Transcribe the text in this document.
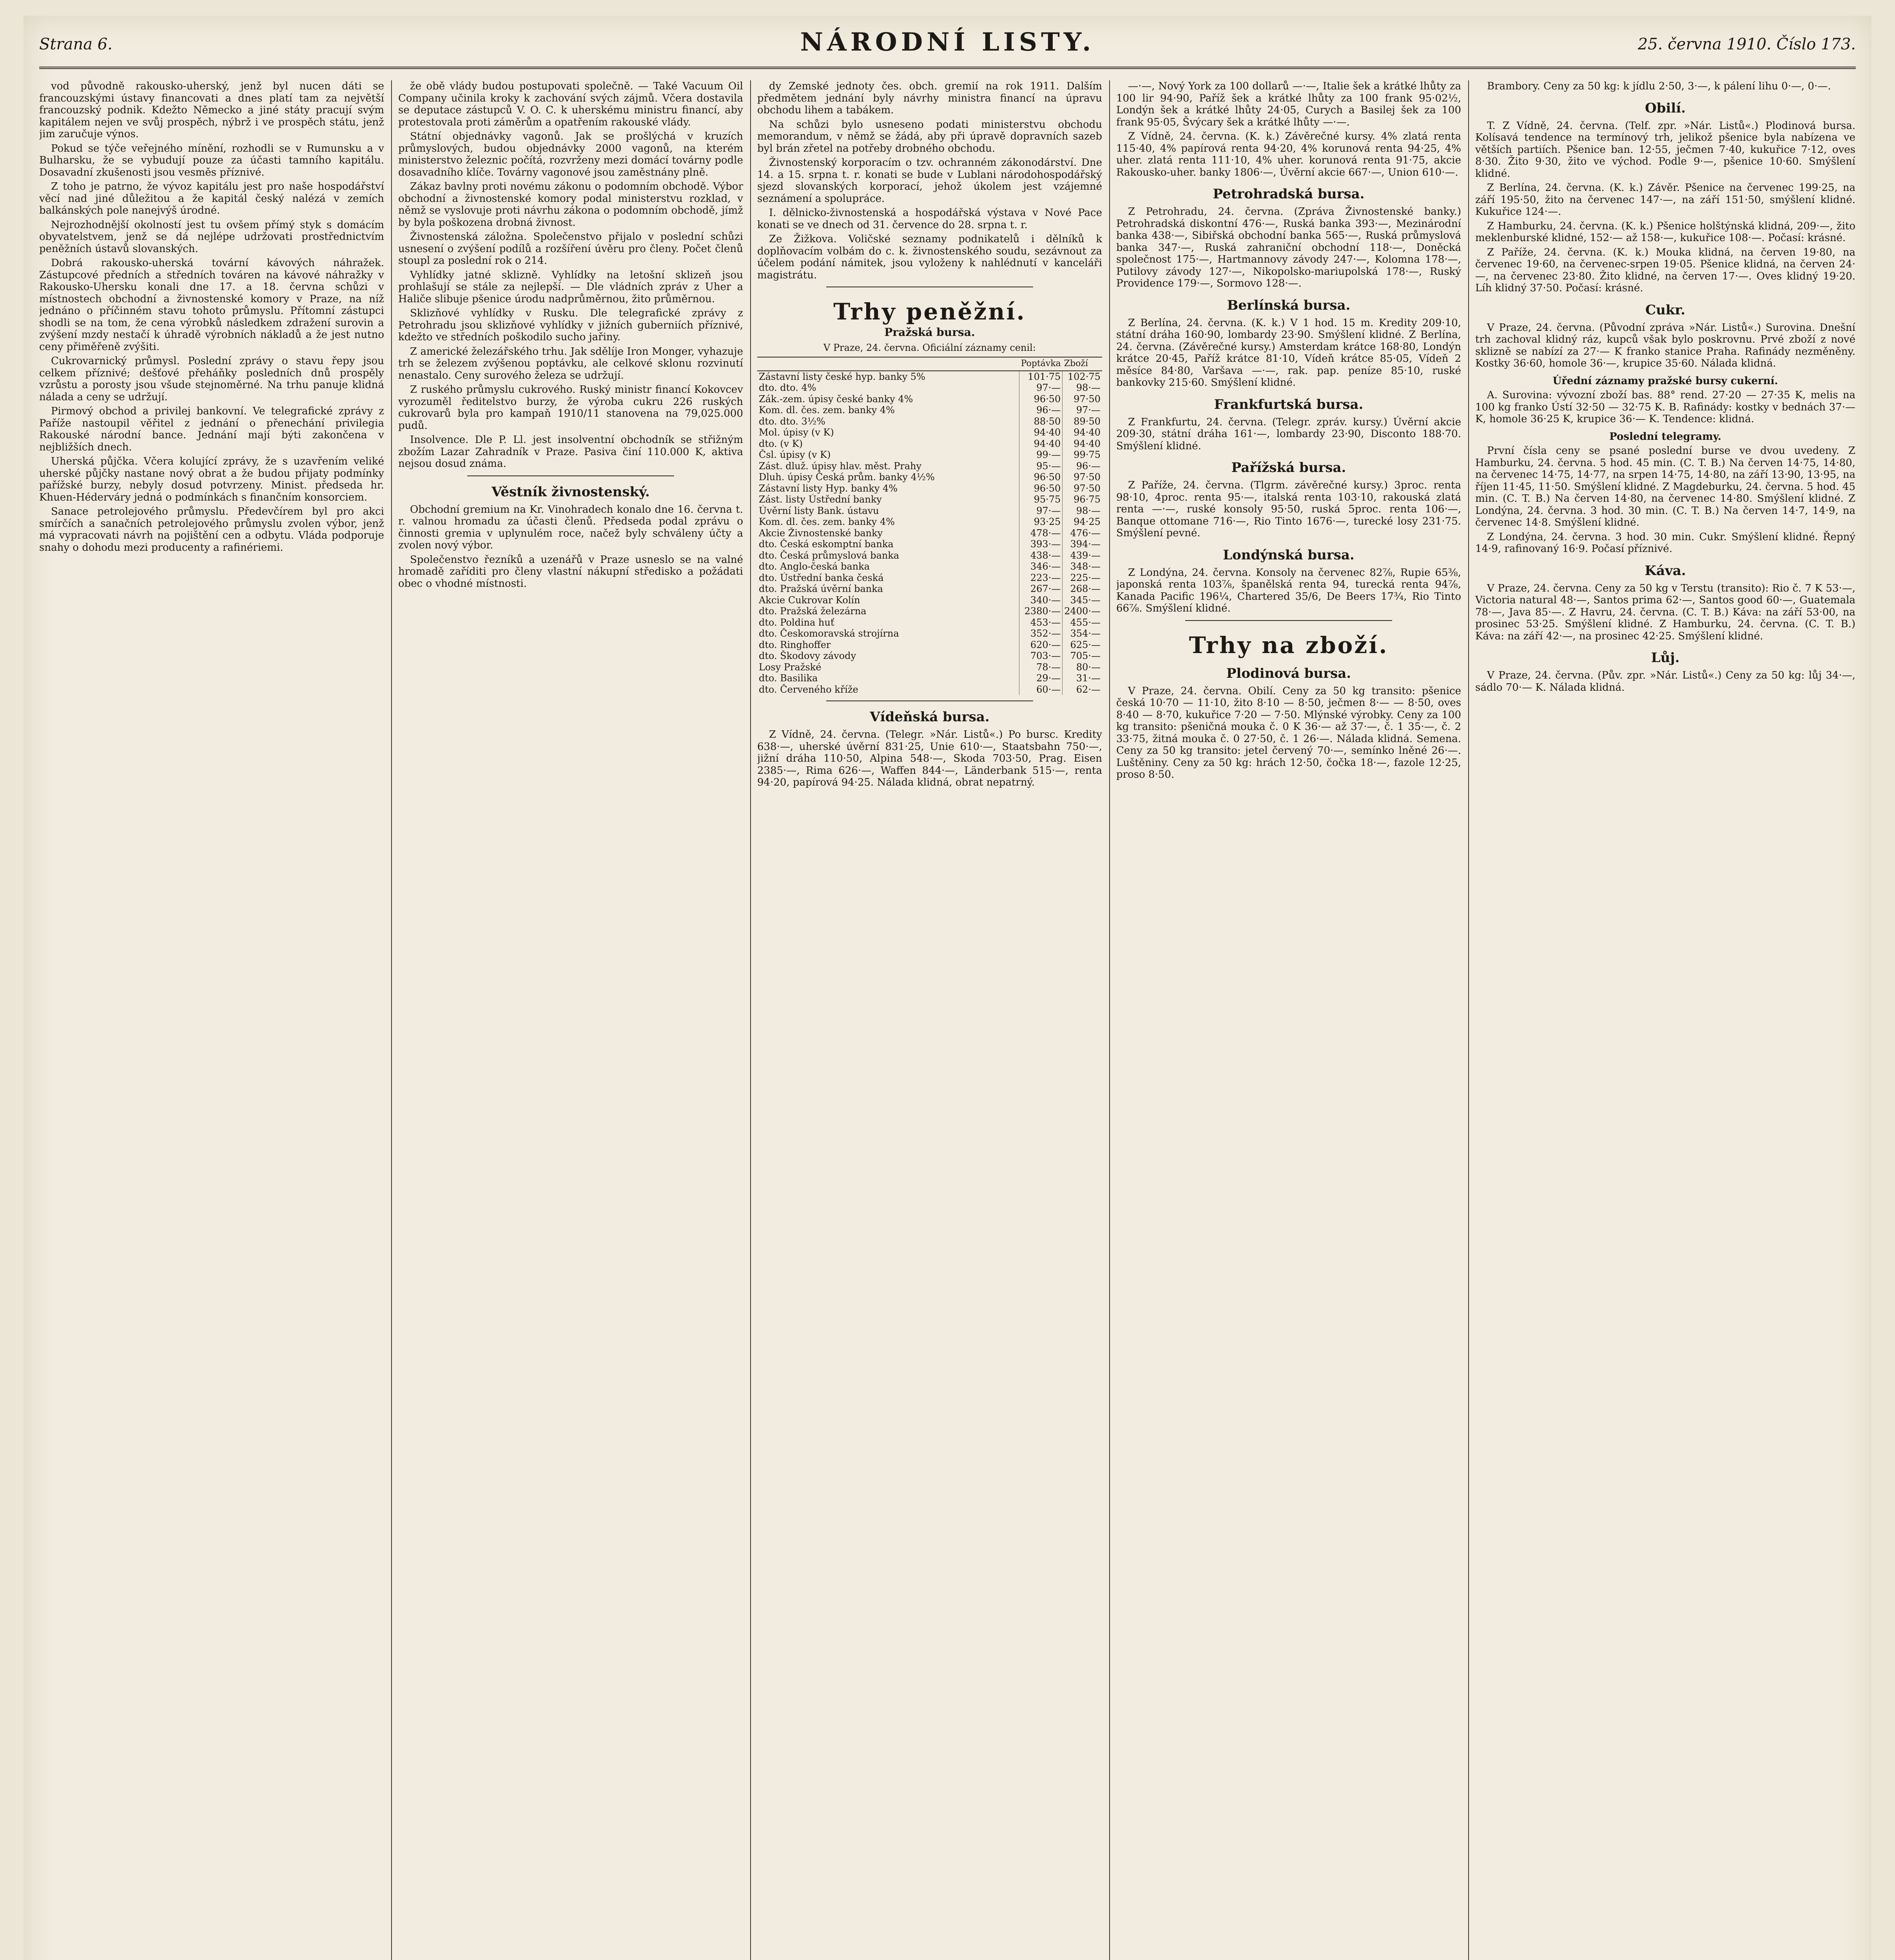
Strana 6.	NÁRODNÍ LISTY.	25. června 1910. Číslo 173.

vod původně rakousko-uherský, jenž byl nucen dáti se francouzskými ústavy financovati a dnes platí tam za největší francouzský podnik. Kdežto Německo a jiné státy pracují svým kapitálem nejen ve svůj prospěch, nýbrž i ve prospěch státu, jenž jim zaručuje výnos.

Pokud se týče veřejného mínění, rozhodli se v Rumunsku a v Bulharsku, že se vybudují pouze za účasti tamního kapitálu. Dosavadní zkušenosti jsou vesměs příznivé.

Z toho je patrno, že vývoz kapitálu jest pro naše hospodářství věcí nad jiné důležitou a že kapitál český nalézá v zemích balkánských pole nanejvýš úrodné.

Nejrozhodnější okolností jest tu ovšem přímý styk s domácím obyvatelstvem, jenž se dá nejlépe udržovati prostřednictvím peněžních ústavů slovanských.

Dobrá rakousko-uherská tovární kávových náhražek. Zástupcové předních a středních továren na kávové náhražky v Rakousko-Uhersku konali dne 17. a 18. června schůzi v místnostech obchodní a živnostenské komory v Praze, na níž jednáno o příčinném stavu tohoto průmyslu. Přítomní zástupci shodli se na tom, že cena výrobků následkem zdražení surovin a zvýšení mzdy nestačí k úhradě výrobních nákladů a že jest nutno ceny přiměřeně zvýšiti.

Cukrovarnický průmysl. Poslední zprávy o stavu řepy jsou celkem příznivé; dešťové přeháňky posledních dnů prospěly vzrůstu a porosty jsou všude stejnoměrné. Na trhu panuje klidná nálada a ceny se udržují.

Pirmový obchod a privilej bankovní. Ve telegrafické zprávy z Paříže nastoupil věřitel z jednání o přenechání privilegia Rakouské národní bance. Jednání mají býti zakončena v nejbližších dnech.

Uherská půjčka. Včera kolující zprávy, že s uzavřením veliké uherské půjčky nastane nový obrat a že budou přijaty podmínky pařížské burzy, nebyly dosud potvrzeny. Minist. předseda hr. Khuen-Héderváry jedná o podmínkách s finančním konsorciem.

Sanace petrolejového průmyslu. Předevčírem byl pro akci smírčích a sanačních petrolejového průmyslu zvolen výbor, jenž má vypracovati návrh na pojištění cen a odbytu. Vláda podporuje snahy o dohodu mezi producenty a rafinériemi.

že obě vlády budou postupovati společně. — Také Vacuum Oil Company učinila kroky k zachování svých zájmů. Včera dostavila se deputace zástupců V. O. C. k uherskému ministru financí, aby protestovala proti záměrům a opatřením rakouské vlády.

Státní objednávky vagonů. Jak se prošlýchá v kruzích průmyslových, budou objednávky 2000 vagonů, na kterém ministerstvo železnic počítá, rozvrženy mezi domácí továrny podle dosavadního klíče. Továrny vagonové jsou zaměstnány plně.

Zákaz bavlny proti novému zákonu o podomním obchodě. Výbor obchodní a živnostenské komory podal ministerstvu rozklad, v němž se vyslovuje proti návrhu zákona o podomním obchodě, jímž by byla poškozena drobná živnost.

Živnostenská záložna. Společenstvo přijalo v poslední schůzi usnesení o zvýšení podílů a rozšíření úvěru pro členy. Počet členů stoupl za poslední rok o 214.

Vyhlídky jatné sklizně. Vyhlídky na letošní sklizeň jsou prohlašují se stále za nejlepší. — Dle vládních zpráv z Uher a Haliče slibuje pšenice úrodu nadprůměrnou, žito průměrnou.

Sklizňové vyhlídky v Rusku. Dle telegrafické zprávy z Petrohradu jsou sklizňové vyhlídky v jižních guberniích příznivé, kdežto ve středních poškodilo sucho jařiny.

Z americké železářského trhu. Jak sdělíje Iron Monger, vyhazuje trh se železem zvýšenou poptávku, ale celkové sklonu rozvinutí nenastalo. Ceny surového železa se udržují.

Z ruského průmyslu cukrového. Ruský ministr financí Kokovcev vyrozuměl ředitelstvo burzy, že výroba cukru 226 ruských cukrovarů byla pro kampaň 1910/11 stanovena na 79,025.000 pudů.

Insolvence. Dle P. Ll. jest insolventní obchodník se střižným zbožím Lazar Zahradník v Praze. Pasiva činí 110.000 K, aktiva nejsou dosud známa.

Věstník živnostenský.

Obchodní gremium na Kr. Vinohradech konalo dne 16. června t. r. valnou hromadu za účasti členů. Předseda podal zprávu o činnosti gremia v uplynulém roce, načež byly schváleny účty a zvolen nový výbor.

Společenstvo řezníků a uzenářů v Praze usneslo se na valné hromadě zaříditi pro členy vlastní nákupní středisko a požádati obec o vhodné místnosti.

dy Zemské jednoty čes. obch. gremií na rok 1911. Dalším předmětem jednání byly návrhy ministra financí na úpravu obchodu lihem a tabákem.

Na schůzi bylo usneseno podati ministerstvu obchodu memorandum, v němž se žádá, aby při úpravě dopravních sazeb byl brán zřetel na potřeby drobného obchodu.

Živnostenský korporacím o tzv. ochranném zákonodárství. Dne 14. a 15. srpna t. r. konati se bude v Lublani národohospodářský sjezd slovanských korporací, jehož úkolem jest vzájemné seznámení a spolupráce.

I. dělnicko-živnostenská a hospodářská výstava v Nové Pace konati se ve dnech od 31. července do 28. srpna t. r.

Ze Žižkova. Voličské seznamy podnikatelů i dělníků k doplňovacím volbám do c. k. živnostenského soudu, sezávnout za účelem podání námitek, jsou vyloženy k nahlédnutí v kanceláři magistrátu.

Trhy peněžní.
Pražská bursa.
V Praze, 24. června. Oficiální záznamy cenil:
	Poptávka	Zboží
Zástavní listy české hyp. banky 5%	101·75	102·75
dto. dto. 4%	97·—	98·—
Zák.-zem. úpisy české banky 4%	96·50	97·50
Kom. dl. čes. zem. banky 4%	96·—	97·—
dto. dto. 3½%	88·50	89·50
Mol. úpisy (v K)	94·40	94·40
dto. (v K)	94·40	94·40
Čsl. úpisy (v K)	99·—	99·75
Zást. dluž. úpisy hlav. měst. Prahy	95·—	96·—
Dluh. úpisy Česká prům. banky 4½%	96·50	97·50
Zástavní listy Hyp. banky 4%	96·50	97·50
Zást. listy Ústřední banky	95·75	96·75
Úvěrní listy Bank. ústavu	97·—	98·—
Kom. dl. čes. zem. banky 4%	93·25	94·25
Akcie Živnostenské banky	478·—	476·—
dto. Česká eskomptní banka	393·—	394·—
dto. Česká průmyslová banka	438·—	439·—
dto. Anglo-česká banka	346·—	348·—
dto. Ústřední banka česká	223·—	225·—
dto. Pražská úvěrní banka	267·—	268·—
Akcie Cukrovar Kolín	340·—	345·—
dto. Pražská železárna	2380·—	2400·—
dto. Poldina huť	453·—	455·—
dto. Českomoravská strojírna	352·—	354·—
dto. Ringhoffer	620·—	625·—
dto. Škodovy závody	703·—	705·—
Losy Pražské	78·—	80·—
dto. Basilika	29·—	31·—
dto. Červeného kříže	60·—	62·—
Vídeňská bursa.

Z Vídně, 24. června. (Telegr. »Nár. Listů«.) Po bursc. Kredity 638·—, uherské úvěrní 831·25, Unie 610·—, Staatsbahn 750·—, jižní dráha 110·50, Alpina 548·—, Skoda 703·50, Prag. Eisen 2385·—, Rima 626·—, Waffen 844·—, Länderbank 515·—, renta 94·20, papírová 94·25. Nálada klidná, obrat nepatrný.

—·—, Nový York za 100 dollarů —·—, Italie šek a krátké lhůty za 100 lir 94·90, Paříž šek a krátké lhůty za 100 frank 95·02½, Londýn šek a krátké lhůty 24·05, Curych a Basilej šek za 100 frank 95·05, Švýcary šek a krátké lhůty —·—.

Z Vídně, 24. června. (K. k.) Závěrečné kursy. 4% zlatá renta 115·40, 4% papírová renta 94·20, 4% korunová renta 94·25, 4% uher. zlatá renta 111·10, 4% uher. korunová renta 91·75, akcie Rakousko-uher. banky 1806·—, Úvěrní akcie 667·—, Union 610·—.

Petrohradská bursa.

Z Petrohradu, 24. června. (Zpráva Živnostenské banky.) Petrohradská diskontní 476·—, Ruská banka 393·—, Mezinárodní banka 438·—, Sibiřská obchodní banka 565·—, Ruská průmyslová banka 347·—, Ruská zahraniční obchodní 118·—, Doněcká společnost 175·—, Hartmannovy závody 247·—, Kolomna 178·—, Putilovy závody 127·—, Nikopolsko-mariupolská 178·—, Ruský Providence 179·—, Sormovo 128·—.

Berlínská bursa.

Z Berlína, 24. června. (K. k.) V 1 hod. 15 m. Kredity 209·10, státní dráha 160·90, lombardy 23·90. Smýšlení klidné. Z Berlína, 24. června. (Závěrečné kursy.) Amsterdam krátce 168·80, Londýn krátce 20·45, Paříž krátce 81·10, Vídeň krátce 85·05, Vídeň 2 měsíce 84·80, Varšava —·—, rak. pap. peníze 85·10, ruské bankovky 215·60. Smýšlení klidné.

Frankfurtská bursa.

Z Frankfurtu, 24. června. (Telegr. zpráv. kursy.) Úvěrní akcie 209·30, státní dráha 161·—, lombardy 23·90, Disconto 188·70. Smýšlení klidné.

Pařížská bursa.

Z Paříže, 24. června. (Tlgrm. závěrečné kursy.) 3proc. renta 98·10, 4proc. renta 95·—, italská renta 103·10, rakouská zlatá renta —·—, ruské konsoly 95·50, ruská 5proc. renta 106·—, Banque ottomane 716·—, Rio Tinto 1676·—, turecké losy 231·75. Smýšlení pevné.

Londýnská bursa.

Z Londýna, 24. června. Konsoly na červenec 82⅞, Rupie 65⅜, japonská renta 103⅞, španělská renta 94, turecká renta 94⅞, Kanada Pacific 196¼, Chartered 35/6, De Beers 17¾, Rio Tinto 66⅞. Smýšlení klidné.

Trhy na zboží.
Plodinová bursa.

V Praze, 24. června. Obilí. Ceny za 50 kg transito: pšenice česká 10·70 — 11·10, žito 8·10 — 8·50, ječmen 8·— — 8·50, oves 8·40 — 8·70, kukuřice 7·20 — 7·50. Mlýnské výrobky. Ceny za 100 kg transito: pšeničná mouka č. 0 K 36·— až 37·—, č. 1 35·—, č. 2 33·75, žitná mouka č. 0 27·50, č. 1 26·—. Nálada klidná. Semena. Ceny za 50 kg transito: jetel červený 70·—, semínko lněné 26·—. Luštěniny. Ceny za 50 kg: hrách 12·50, čočka 18·—, fazole 12·25, proso 8·50.

Brambory. Ceny za 50 kg: k jídlu 2·50, 3·—, k pálení lihu 0·—, 0·—.

Obilí.

T. Z Vídně, 24. června. (Telf. zpr. »Nár. Listů«.) Plodinová bursa. Kolísavá tendence na termínový trh, jelikož pšenice byla nabízena ve větších partiích. Pšenice ban. 12·55, ječmen 7·40, kukuřice 7·12, oves 8·30. Žito 9·30, žito ve východ. Podle 9·—, pšenice 10·60. Smýšlení klidné.

Z Berlína, 24. června. (K. k.) Závěr. Pšenice na červenec 199·25, na září 195·50, žito na červenec 147·—, na září 151·50, smýšlení klidné. Kukuřice 124·—.

Z Hamburku, 24. června. (K. k.) Pšenice holštýnská klidná, 209·—, žito meklenburské klidné, 152·— až 158·—, kukuřice 108·—. Počasí: krásné.

Z Paříže, 24. června. (K. k.) Mouka klidná, na červen 19·80, na červenec 19·60, na červenec-srpen 19·05. Pšenice klidná, na červen 24·—, na červenec 23·80. Žito klidné, na červen 17·—. Oves klidný 19·20. Líh klidný 37·50. Počasí: krásné.

Cukr.

V Praze, 24. června. (Původní zpráva »Nár. Listů«.) Surovina. Dnešní trh zachoval klidný ráz, kupců však bylo poskrovnu. Prvé zboží z nové sklizně se nabízí za 27·— K franko stanice Praha. Rafinády nezměněny. Kostky 36·60, homole 36·—, krupice 35·60. Nálada klidná.

Úřední záznamy pražské bursy cukerní.

A. Surovina: vývozní zboží bas. 88° rend. 27·20 — 27·35 K, melis na 100 kg franko Ústí 32·50 — 32·75 K. B. Rafinády: kostky v bednách 37·— K, homole 36·25 K, krupice 36·— K. Tendence: klidná.

Poslední telegramy.

První čísla ceny se psané poslední burse ve dvou uvedeny. Z Hamburku, 24. června. 5 hod. 45 min. (C. T. B.) Na červen 14·75, 14·80, na červenec 14·75, 14·77, na srpen 14·75, 14·80, na září 13·90, 13·95, na říjen 11·45, 11·50. Smýšlení klidné. Z Magdeburku, 24. června. 5 hod. 45 min. (C. T. B.) Na červen 14·80, na červenec 14·80. Smýšlení klidné. Z Londýna, 24. června. 3 hod. 30 min. (C. T. B.) Na červen 14·7, 14·9, na červenec 14·8. Smýšlení klidné.

Z Londýna, 24. června. 3 hod. 30 min. Cukr. Smýšlení klidné. Řepný 14·9, rafinovaný 16·9. Počasí příznivé.

Káva.

V Praze, 24. června. Ceny za 50 kg v Terstu (transito): Rio č. 7 K 53·—, Victoria natural 48·—, Santos prima 62·—, Santos good 60·—, Guatemala 78·—, Java 85·—. Z Havru, 24. června. (C. T. B.) Káva: na září 53·00, na prosinec 53·25. Smýšlení klidné. Z Hamburku, 24. června. (C. T. B.) Káva: na září 42·—, na prosinec 42·25. Smýšlení klidné.

Lůj.

V Praze, 24. června. (Pův. zpr. »Nár. Listů«.) Ceny za 50 kg: lůj 34·—, sádlo 70·— K. Nálada klidná.
